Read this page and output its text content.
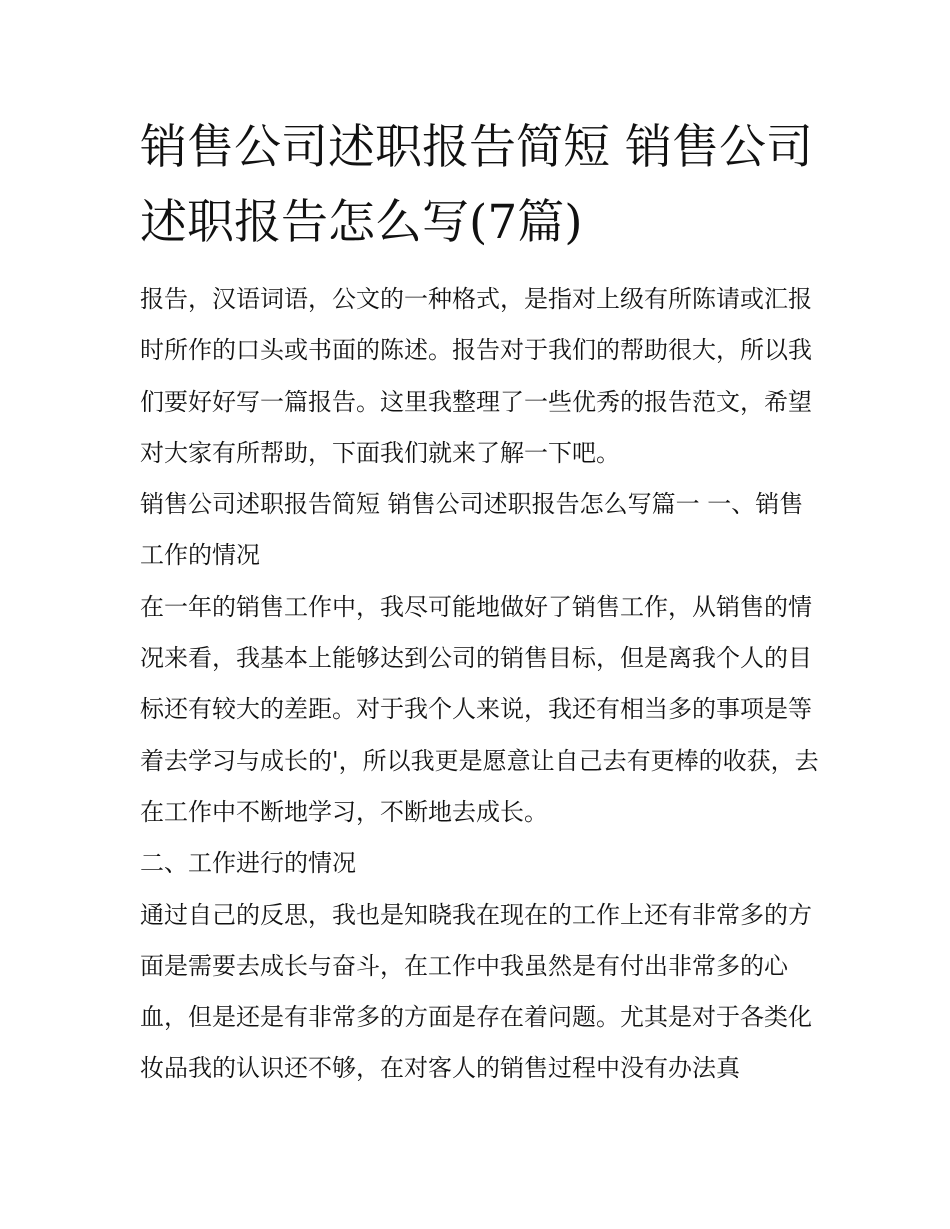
销售公司述职报告简短 销售公司述职报告怎么写(7篇)

报告，汉语词语，公文的一种格式，是指对上级有所陈请或汇报时所作的口头或书面的陈述。报告对于我们的帮助很大，所以我们要好好写一篇报告。这里我整理了一些优秀的报告范文，希望对大家有所帮助，下面我们就来了解一下吧。

销售公司述职报告简短 销售公司述职报告怎么写篇一 一、销售工作的情况

在一年的销售工作中，我尽可能地做好了销售工作，从销售的情况来看，我基本上能够达到公司的销售目标，但是离我个人的目标还有较大的差距。对于我个人来说，我还有相当多的事项是等着去学习与成长的'，所以我更是愿意让自己去有更棒的收获，去在工作中不断地学习，不断地去成长。

二、工作进行的情况

通过自己的反思，我也是知晓我在现在的工作上还有非常多的方面是需要去成长与奋斗，在工作中我虽然是有付出非常多的心血，但是还是有非常多的方面是存在着问题。尤其是对于各类化妆品我的认识还不够，在对客人的销售过程中没有办法真
